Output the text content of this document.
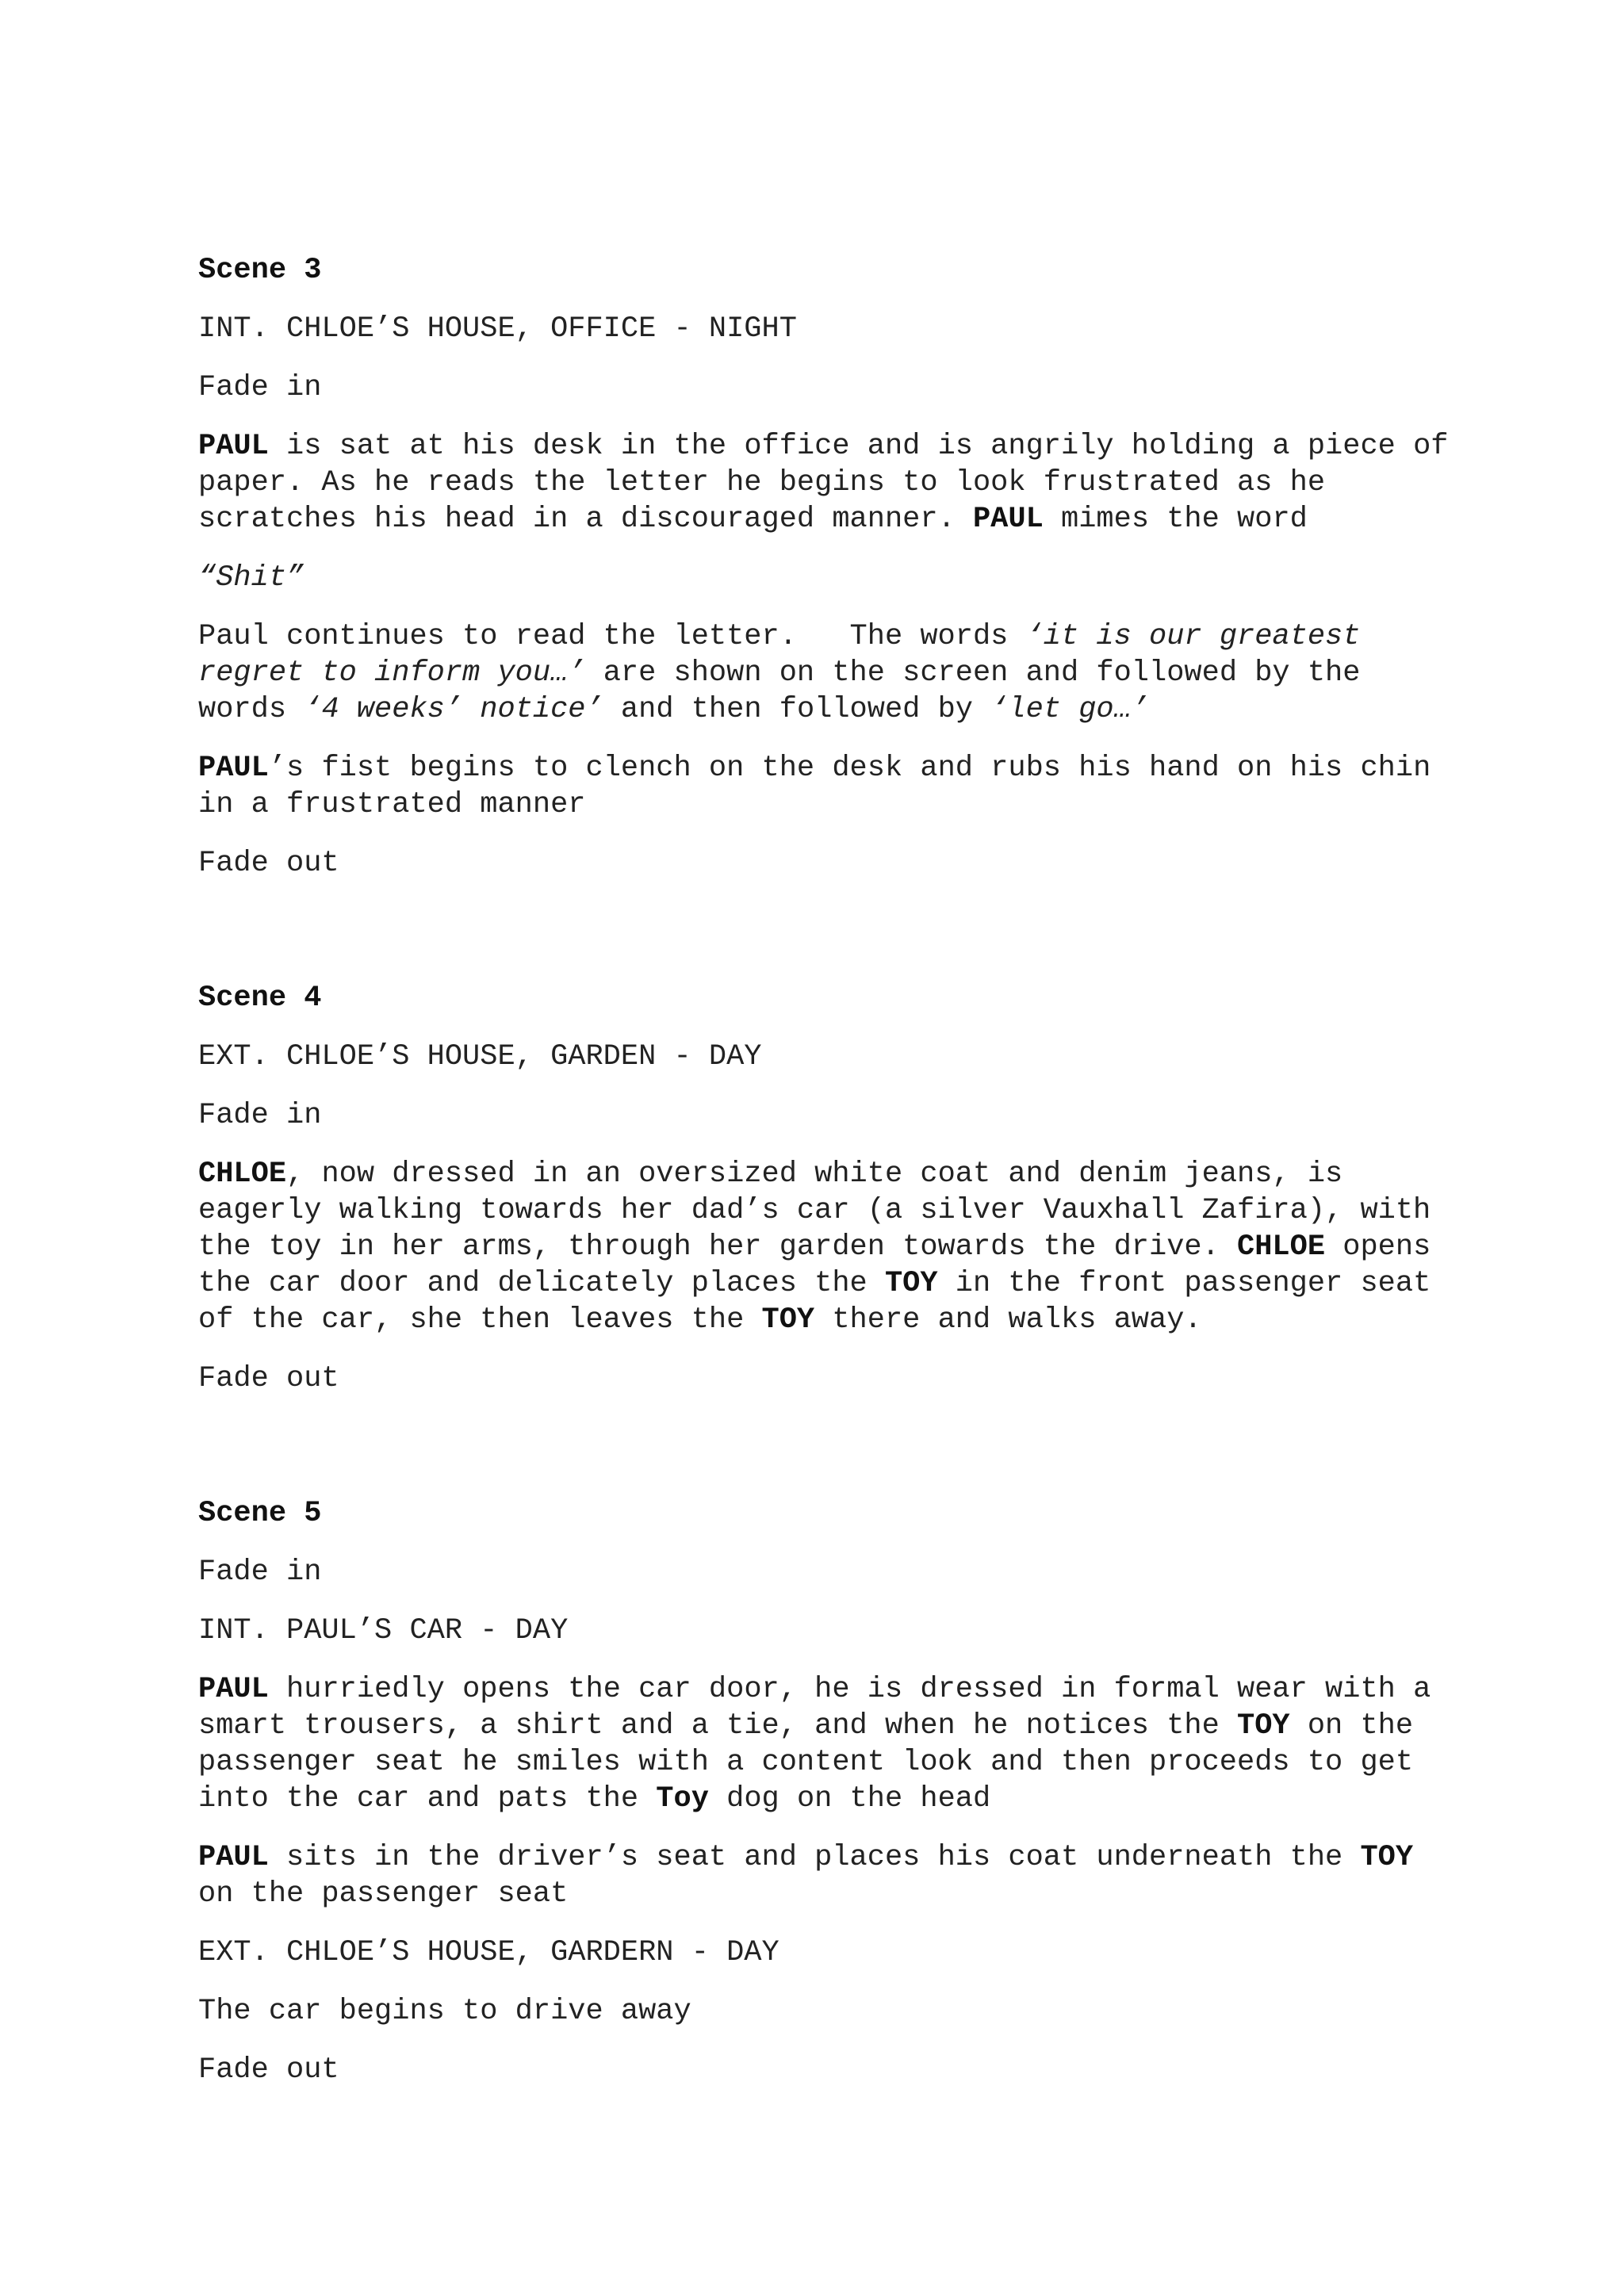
Scene 3
INT. CHLOE’S HOUSE, OFFICE - NIGHT
Fade in
PAUL is sat at his desk in the office and is angrily holding a piece of paper. As he reads the letter he begins to look frustrated as he scratches his head in a discouraged manner. PAUL mimes the word
“Shit”
Paul continues to read the letter.   The words ‘it is our greatest regret to inform you…’ are shown on the screen and followed by the words ‘4 weeks’ notice’ and then followed by ‘let go…’
PAUL’s fist begins to clench on the desk and rubs his hand on his chin in a frustrated manner
Fade out
Scene 4
EXT. CHLOE’S HOUSE, GARDEN - DAY
Fade in
CHLOE, now dressed in an oversized white coat and denim jeans, is eagerly walking towards her dad’s car (a silver Vauxhall Zafira), with the toy in her arms, through her garden towards the drive. CHLOE opens the car door and delicately places the TOY in the front passenger seat of the car, she then leaves the TOY there and walks away.
Fade out
Scene 5
Fade in
INT. PAUL’S CAR - DAY
PAUL hurriedly opens the car door, he is dressed in formal wear with a smart trousers, a shirt and a tie, and when he notices the TOY on the passenger seat he smiles with a content look and then proceeds to get into the car and pats the Toy dog on the head
PAUL sits in the driver’s seat and places his coat underneath the TOY on the passenger seat
EXT. CHLOE’S HOUSE, GARDERN - DAY
The car begins to drive away
Fade out
